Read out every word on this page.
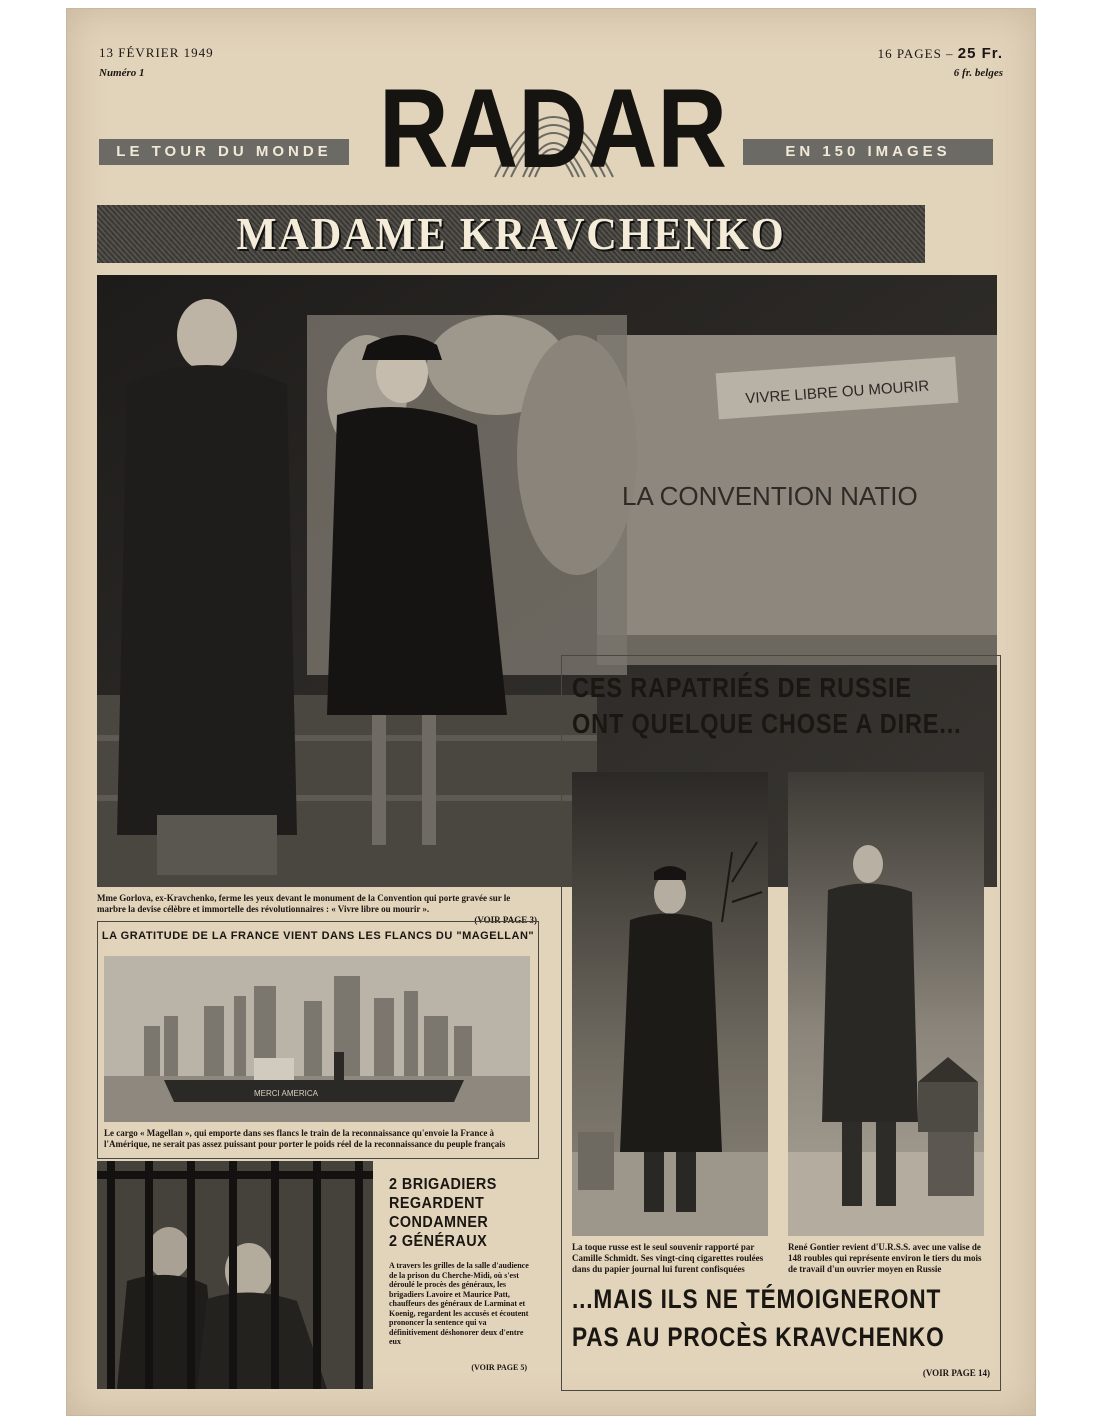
13 FÉVRIER 1949
Numéro 1
16 PAGES – 25 Fr.
6 fr. belges
LE TOUR DU MONDE	EN 150 IMAGES
RADAR
MADAME KRAVCHENKO
VIVRE LIBRE OU MOURIR
LA CONVENTION NATIO
Mme Gorlova, ex-Kravchenko, ferme les yeux devant le monument de la Convention qui porte gravée sur le marbre la devise célèbre et immortelle des révolutionnaires : « Vivre libre ou mourir ».
(VOIR PAGE 3)
LA GRATITUDE DE LA FRANCE VIENT DANS LES FLANCS DU "MAGELLAN"
MERCI AMERICA
Le cargo « Magellan », qui emporte dans ses flancs le train de la reconnaissance qu'envoie la France à l'Amérique, ne serait pas assez puissant pour porter le poids réel de la reconnaissance du peuple français
2 BRIGADIERS
REGARDENT
CONDAMNER
2 GÉNÉRAUX
A travers les grilles de la salle d'audience de la prison du Cherche-Midi, où s'est déroulé le procès des généraux, les brigadiers Lavoire et Maurice Patt, chauffeurs des généraux de Larminat et Koenig, regardent les accusés et écoutent prononcer la sentence qui va définitivement déshonorer deux d'entre eux
(VOIR PAGE 5)
CES RAPATRIÉS DE RUSSIE
ONT QUELQUE CHOSE A DIRE...
La toque russe est le seul souvenir rapporté par Camille Schmidt. Ses vingt-cinq cigarettes roulées dans du papier journal lui furent confisquées
René Gontier revient d'U.R.S.S. avec une valise de 148 roubles qui représente environ le tiers du mois de travail d'un ouvrier moyen en Russie
...MAIS ILS NE TÉMOIGNERONT
PAS AU PROCÈS KRAVCHENKO
(VOIR PAGE 14)
